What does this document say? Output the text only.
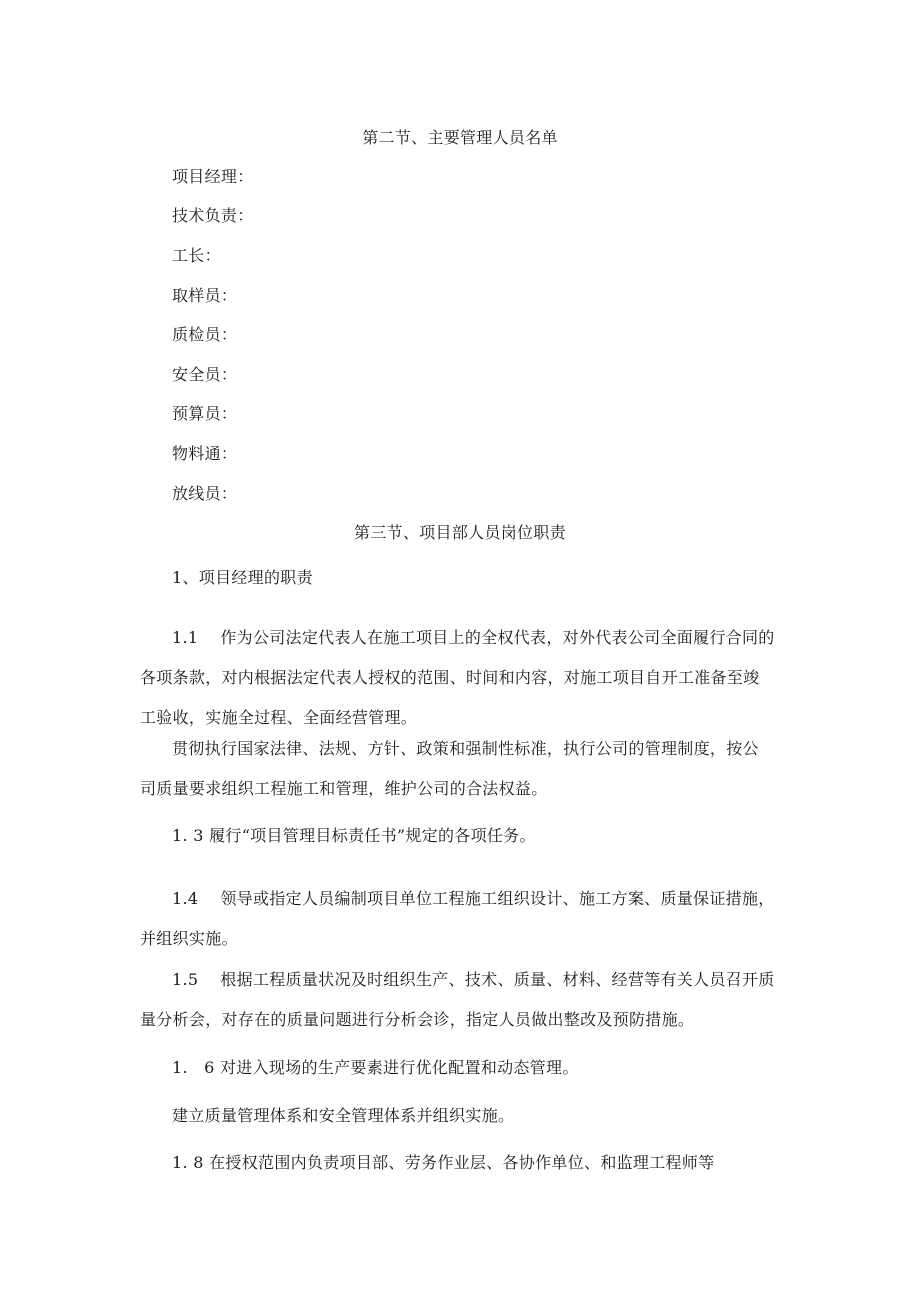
第二节、主要管理人员名单
项目经理：
技术负责：
工长：
取样员：
质检员：
安全员：
预算员：
物料通：
放线员：
第三节、项目部人员岗位职责
1、项目经理的职责
1.1 作为公司法定代表人在施工项目上的全权代表，对外代表公司全面履行合同的
各项条款，对内根据法定代表人授权的范围、时间和内容，对施工项目自开工准备至竣
工验收，实施全过程、全面经营管理。
贯彻执行国家法律、法规、方针、政策和强制性标准，执行公司的管理制度，按公
司质量要求组织工程施工和管理，维护公司的合法权益。
1. 3 履行“项目管理目标责任书”规定的各项任务。
1.4 领导或指定人员编制项目单位工程施工组织设计、施工方案、质量保证措施，
并组织实施。
1.5 根据工程质量状况及时组织生产、技术、质量、材料、经营等有关人员召开质
量分析会，对存在的质量问题进行分析会诊，指定人员做出整改及预防措施。
1.　6 对进入现场的生产要素进行优化配置和动态管理。
建立质量管理体系和安全管理体系并组织实施。
1. 8 在授权范围内负责项目部、劳务作业层、各协作单位、和监理工程师等
